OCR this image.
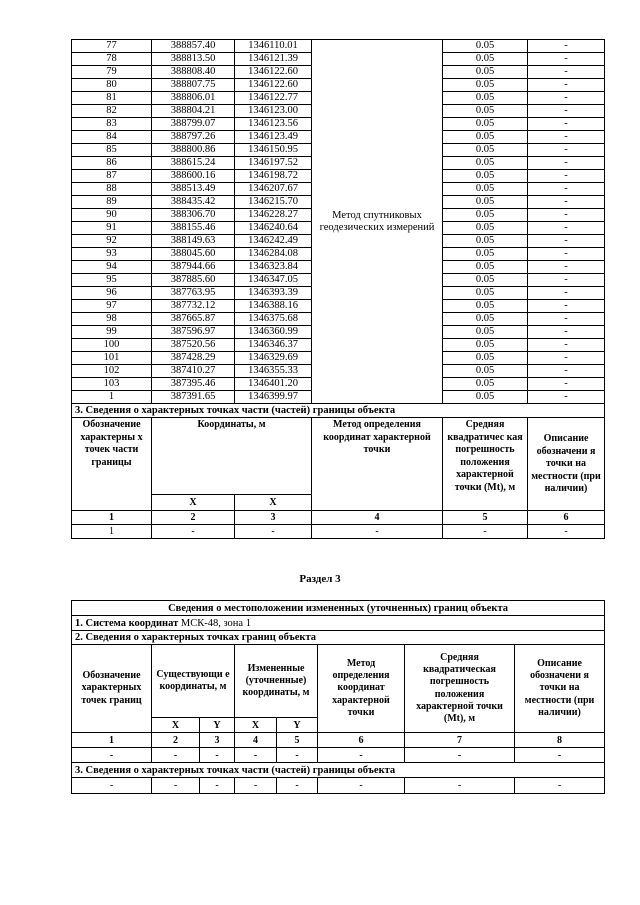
77	388857.40	1346110.01	Метод спутниковых геодезических измерений	0.05	-
78	388813.50	1346121.39		0.05	-
79	388808.40	1346122.60		0.05	-
80	388807.75	1346122.60		0.05	-
81	388806.01	1346122.77		0.05	-
82	388804.21	1346123.00		0.05	-
83	388799.07	1346123.56		0.05	-
84	388797.26	1346123.49		0.05	-
85	388800.86	1346150.95		0.05	-
86	388615.24	1346197.52		0.05	-
87	388600.16	1346198.72		0.05	-
88	388513.49	1346207.67		0.05	-
89	388435.42	1346215.70		0.05	-
90	388306.70	1346228.27		0.05	-
91	388155.46	1346240.64		0.05	-
92	388149.63	1346242.49		0.05	-
93	388045.60	1346284.08		0.05	-
94	387944.66	1346323.84		0.05	-
95	387885.60	1346347.05		0.05	-
96	387763.95	1346393.39		0.05	-
97	387732.12	1346388.16		0.05	-
98	387665.87	1346375.68		0.05	-
99	387596.97	1346360.99		0.05	-
100	387520.56	1346346.37		0.05	-
101	387428.29	1346329.69		0.05	-
102	387410.27	1346355.33		0.05	-
103	387395.46	1346401.20		0.05	-
1	387391.65	1346399.97		0.05	-
3. Сведения о характерных точках части (частей) границы объекта					
Обозначение характерны х точек части границы	Координаты, м		Метод определения координат характерной точки	Средняя квадратичес кая погрешность положения характерной точки (Mt), м	Описание обозначени я точки на местности (при наличии)
	X	X			
1	2	3	4	5	6
1	-	-	-	-	-
Раздел 3
Сведения о местоположении измененных (уточненных) границ объекта							
1. Система координат МСК-48, зона 1							
2. Сведения о характерных точках границ объекта							
Обозначение характерных точек границ	Существующи е координаты, м		Измененные (уточненные) координаты, м		Метод определения координат характерной точки	Средняя квадратическая погрешность положения характерной точки (Mt), м	Описание обозначени я точки на местности (при наличии)
	X	Y	X	Y			
1	2	3	4	5	6	7	8
-	-	-	-	-	-	-	-
3. Сведения о характерных точках части (частей) границы объекта							
-	-	-	-	-	-	-	-
